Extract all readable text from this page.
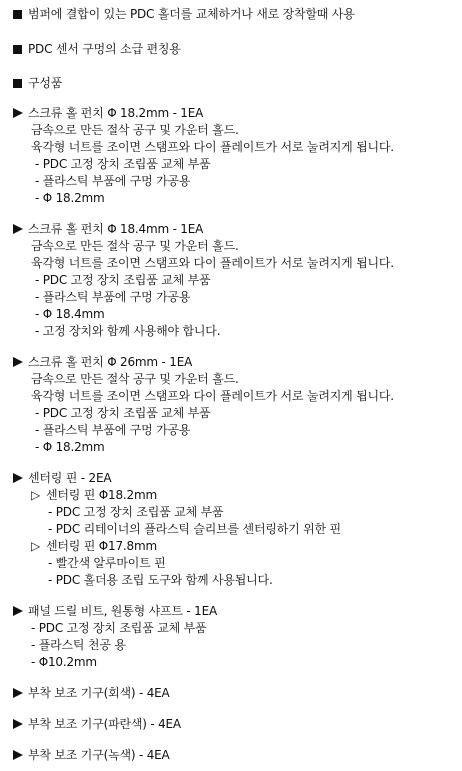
범퍼에 결합이 있는 PDC 홀더를 교체하거나 새로 장착할때 사용
PDC 센서 구멍의 소급 편칭용
구성품
스크류 홀 펀치 Φ 18.2mm - 1EA
금속으로 만든 절삭 공구 및 가운터 홀드.
육각형 너트를 조이면 스탬프와 다이 플레이트가 서로 눌려지게 됩니다.
- PDC 고정 장치 조립품 교체 부품
- 플라스틱 부품에 구멍 가공용
- Φ 18.2mm
스크류 홀 펀치 Φ 18.4mm - 1EA
금속으로 만든 절삭 공구 및 가운터 홀드.
육각형 너트를 조이면 스탬프와 다이 플레이트가 서로 눌려지게 됩니다.
- PDC 고정 장치 조립품 교체 부품
- 플라스틱 부품에 구멍 가공용
- Φ 18.4mm
- 고정 장치와 함께 사용해야 합니다.
스크류 홀 펀치 Φ 26mm - 1EA
금속으로 만든 절삭 공구 및 가운터 홀드.
육각형 너트를 조이면 스탬프와 다이 플레이트가 서로 눌려지게 됩니다.
- PDC 고정 장치 조립품 교체 부품
- 플라스틱 부품에 구멍 가공용
- Φ 18.2mm
센터링 핀 - 2EA
▷ 센터링 핀 Φ18.2mm
- PDC 고정 장치 조립품 교체 부품
- PDC 리테이너의 플라스틱 슬리브를 센터링하기 위한 핀
▷ 센터링 핀 Φ17.8mm
- 빨간색 알루마이트 핀
- PDC 홀더용 조립 도구와 함께 사용됩니다.
패널 드릴 비트, 원통형 샤프트 - 1EA
- PDC 고정 장치 조립품 교체 부품
- 플라스틱 천공 용
- Φ10.2mm
부착 보조 기구(회색) - 4EA
부착 보조 기구(파란색) - 4EA
부착 보조 기구(녹색) - 4EA
